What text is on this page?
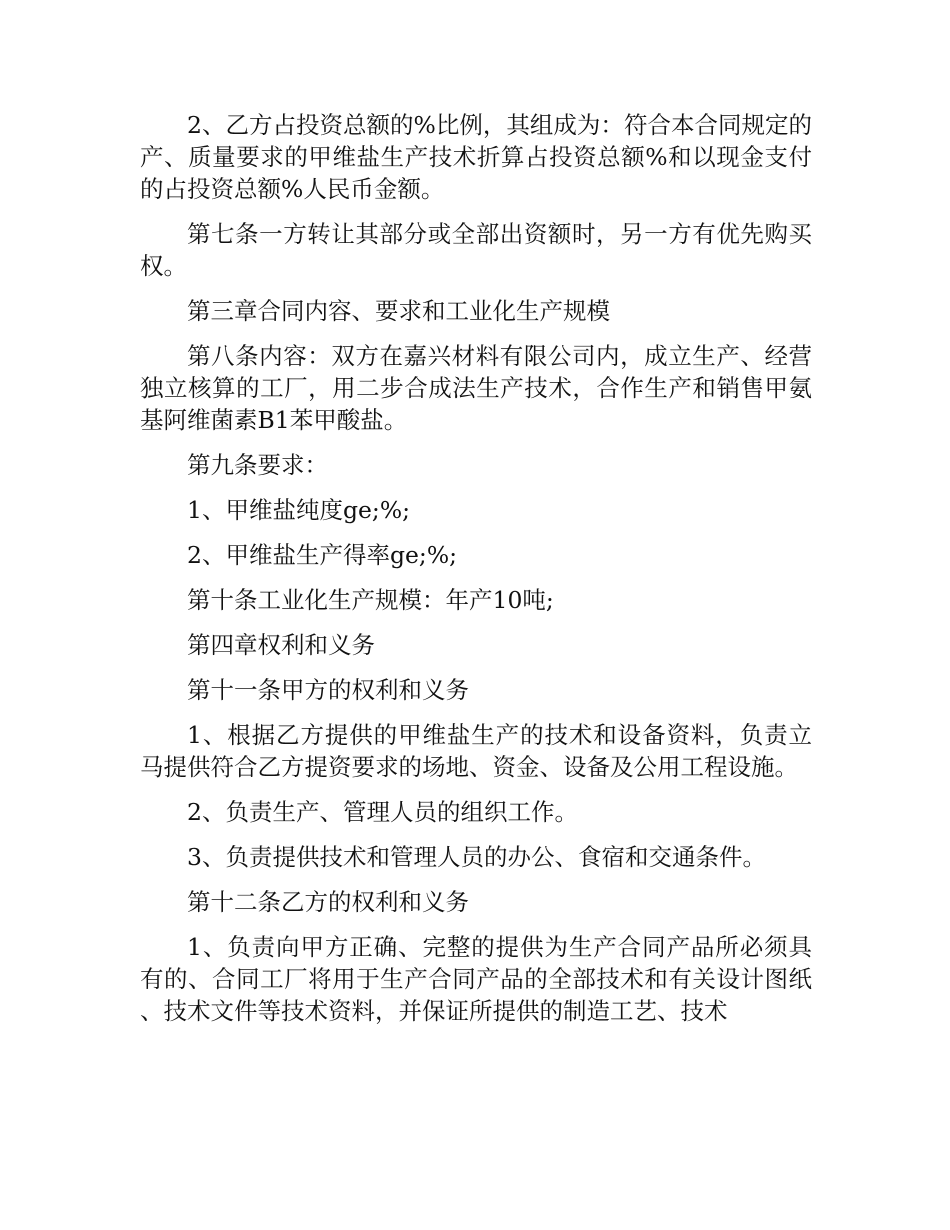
2、乙方占投资总额的%比例，其组成为：符合本合同规定的产、质量要求的甲维盐生产技术折算占投资总额%和以现金支付的占投资总额%人民币金额。

第七条一方转让其部分或全部出资额时，另一方有优先购买权。

第三章合同内容、要求和工业化生产规模

第八条内容：双方在嘉兴材料有限公司内，成立生产、经营独立核算的工厂，用二步合成法生产技术，合作生产和销售甲氨基阿维菌素B1苯甲酸盐。

第九条要求：

1、甲维盐纯度ge;%;

2、甲维盐生产得率ge;%;

第十条工业化生产规模：年产10吨;

第四章权利和义务

第十一条甲方的权利和义务

1、根据乙方提供的甲维盐生产的技术和设备资料，负责立马提供符合乙方提资要求的场地、资金、设备及公用工程设施。

2、负责生产、管理人员的组织工作。

3、负责提供技术和管理人员的办公、食宿和交通条件。

第十二条乙方的权利和义务

1、负责向甲方正确、完整的提供为生产合同产品所必须具有的、合同工厂将用于生产合同产品的全部技术和有关设计图纸、技术文件等技术资料，并保证所提供的制造工艺、技术
